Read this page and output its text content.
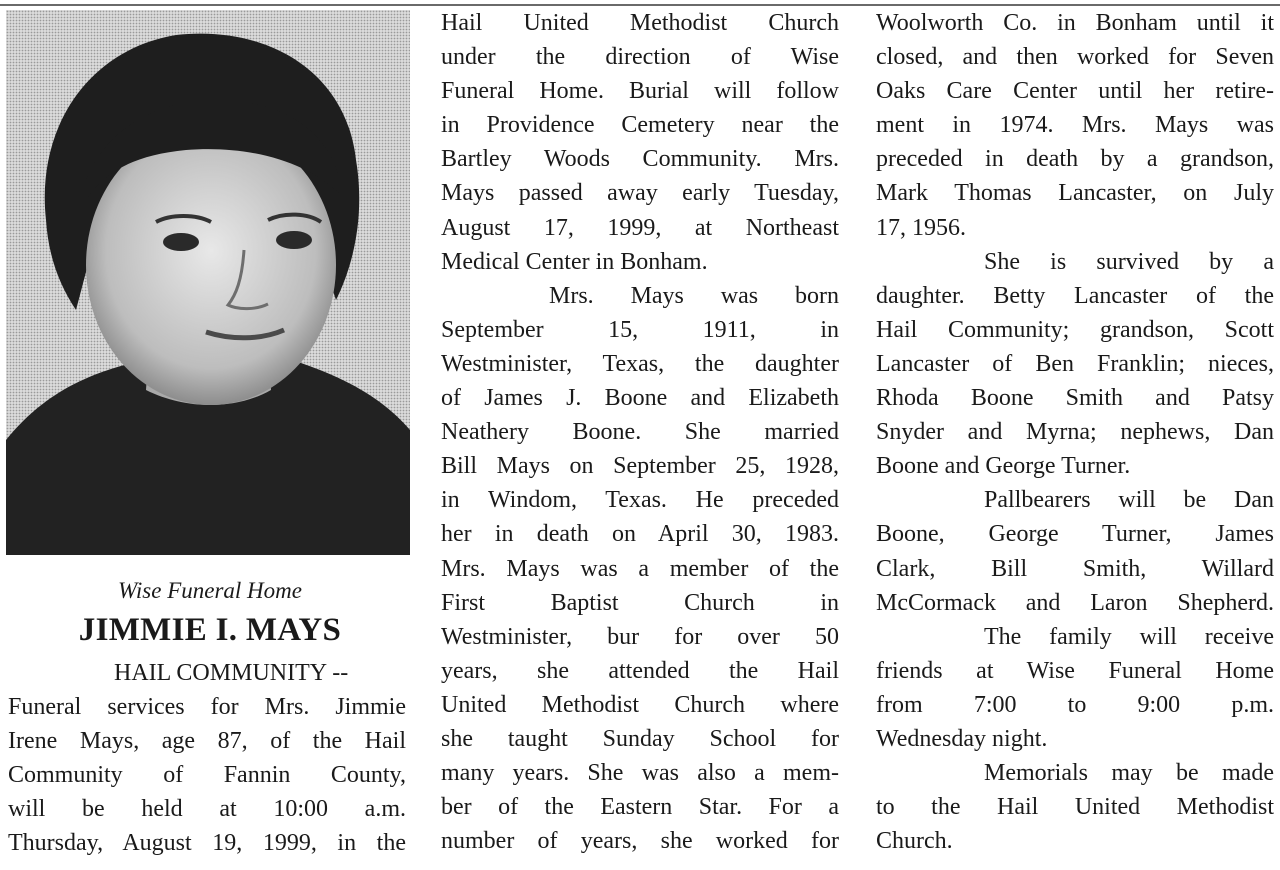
Wise Funeral Home
JIMMIE I. MAYS
HAIL COMMUNITY --
Funeral services for Mrs. Jimmie
Irene Mays, age 87, of the Hail
Community of Fannin County,
will be held at 10:00 a.m.
Thursday, August 19, 1999, in the
Hail United Methodist Church
under the direction of Wise
Funeral Home. Burial will follow
in Providence Cemetery near the
Bartley Woods Community. Mrs.
Mays passed away early Tuesday,
August 17, 1999, at Northeast
Medical Center in Bonham.
Mrs. Mays was born
September 15, 1911, in
Westminister, Texas, the daughter
of James J. Boone and Elizabeth
Neathery Boone. She married
Bill Mays on September 25, 1928,
in Windom, Texas. He preceded
her in death on April 30, 1983.
Mrs. Mays was a member of the
First Baptist Church in
Westminister, bur for over 50
years, she attended the Hail
United Methodist Church where
she taught Sunday School for
many years. She was also a mem-
ber of the Eastern Star. For a
number of years, she worked for
Woolworth Co. in Bonham until it
closed, and then worked for Seven
Oaks Care Center until her retire-
ment in 1974. Mrs. Mays was
preceded in death by a grandson,
Mark Thomas Lancaster, on July
17, 1956.
She is survived by a
daughter. Betty Lancaster of the
Hail Community; grandson, Scott
Lancaster of Ben Franklin; nieces,
Rhoda Boone Smith and Patsy
Snyder and Myrna; nephews, Dan
Boone and George Turner.
Pallbearers will be Dan
Boone, George Turner, James
Clark, Bill Smith, Willard
McCormack and Laron Shepherd.
The family will receive
friends at Wise Funeral Home
from 7:00 to 9:00 p.m.
Wednesday night.
Memorials may be made
to the Hail United Methodist
Church.
